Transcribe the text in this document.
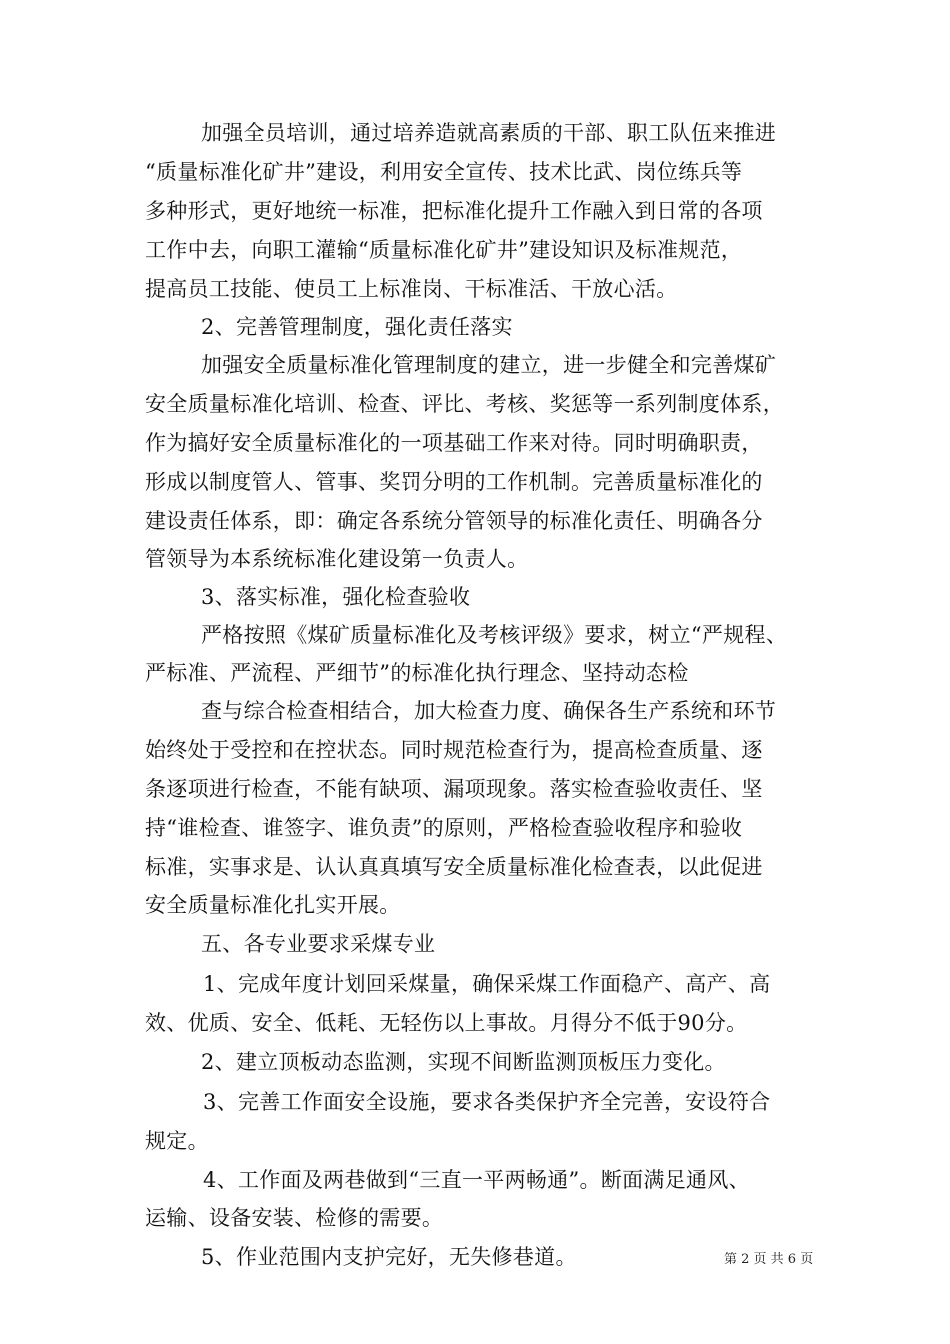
加强全员培训，通过培养造就高素质的干部、职工队伍来推进
“质量标准化矿井”建设，利用安全宣传、技术比武、岗位练兵等
多种形式，更好地统一标准，把标准化提升工作融入到日常的各项
工作中去，向职工灌输“质量标准化矿井”建设知识及标准规范，
提高员工技能、使员工上标准岗、干标准活、干放心活。
2、完善管理制度，强化责任落实
加强安全质量标准化管理制度的建立，进一步健全和完善煤矿
安全质量标准化培训、检查、评比、考核、奖惩等一系列制度体系，
作为搞好安全质量标准化的一项基础工作来对待。同时明确职责，
形成以制度管人、管事、奖罚分明的工作机制。完善质量标准化的
建设责任体系，即：确定各系统分管领导的标准化责任、明确各分
管领导为本系统标准化建设第一负责人。
3、落实标准，强化检查验收
严格按照《煤矿质量标准化及考核评级》要求，树立“严规程、
严标准、严流程、严细节”的标准化执行理念、坚持动态检
查与综合检查相结合，加大检查力度、确保各生产系统和环节
始终处于受控和在控状态。同时规范检查行为，提高检查质量、逐
条逐项进行检查，不能有缺项、漏项现象。落实检查验收责任、坚
持“谁检查、谁签字、谁负责”的原则，严格检查验收程序和验收
标准，实事求是、认认真真填写安全质量标准化检查表，以此促进
安全质量标准化扎实开展。
五、各专业要求采煤专业
1、完成年度计划回采煤量，确保采煤工作面稳产、高产、高
效、优质、安全、低耗、无轻伤以上事故。月得分不低于90分。
2、建立顶板动态监测，实现不间断监测顶板压力变化。
3、完善工作面安全设施，要求各类保护齐全完善，安设符合
规定。
4、工作面及两巷做到“三直一平两畅通”。断面满足通风、
运输、设备安装、检修的需要。
5、作业范围内支护完好，无失修巷道。	第 2 页 共 6 页
